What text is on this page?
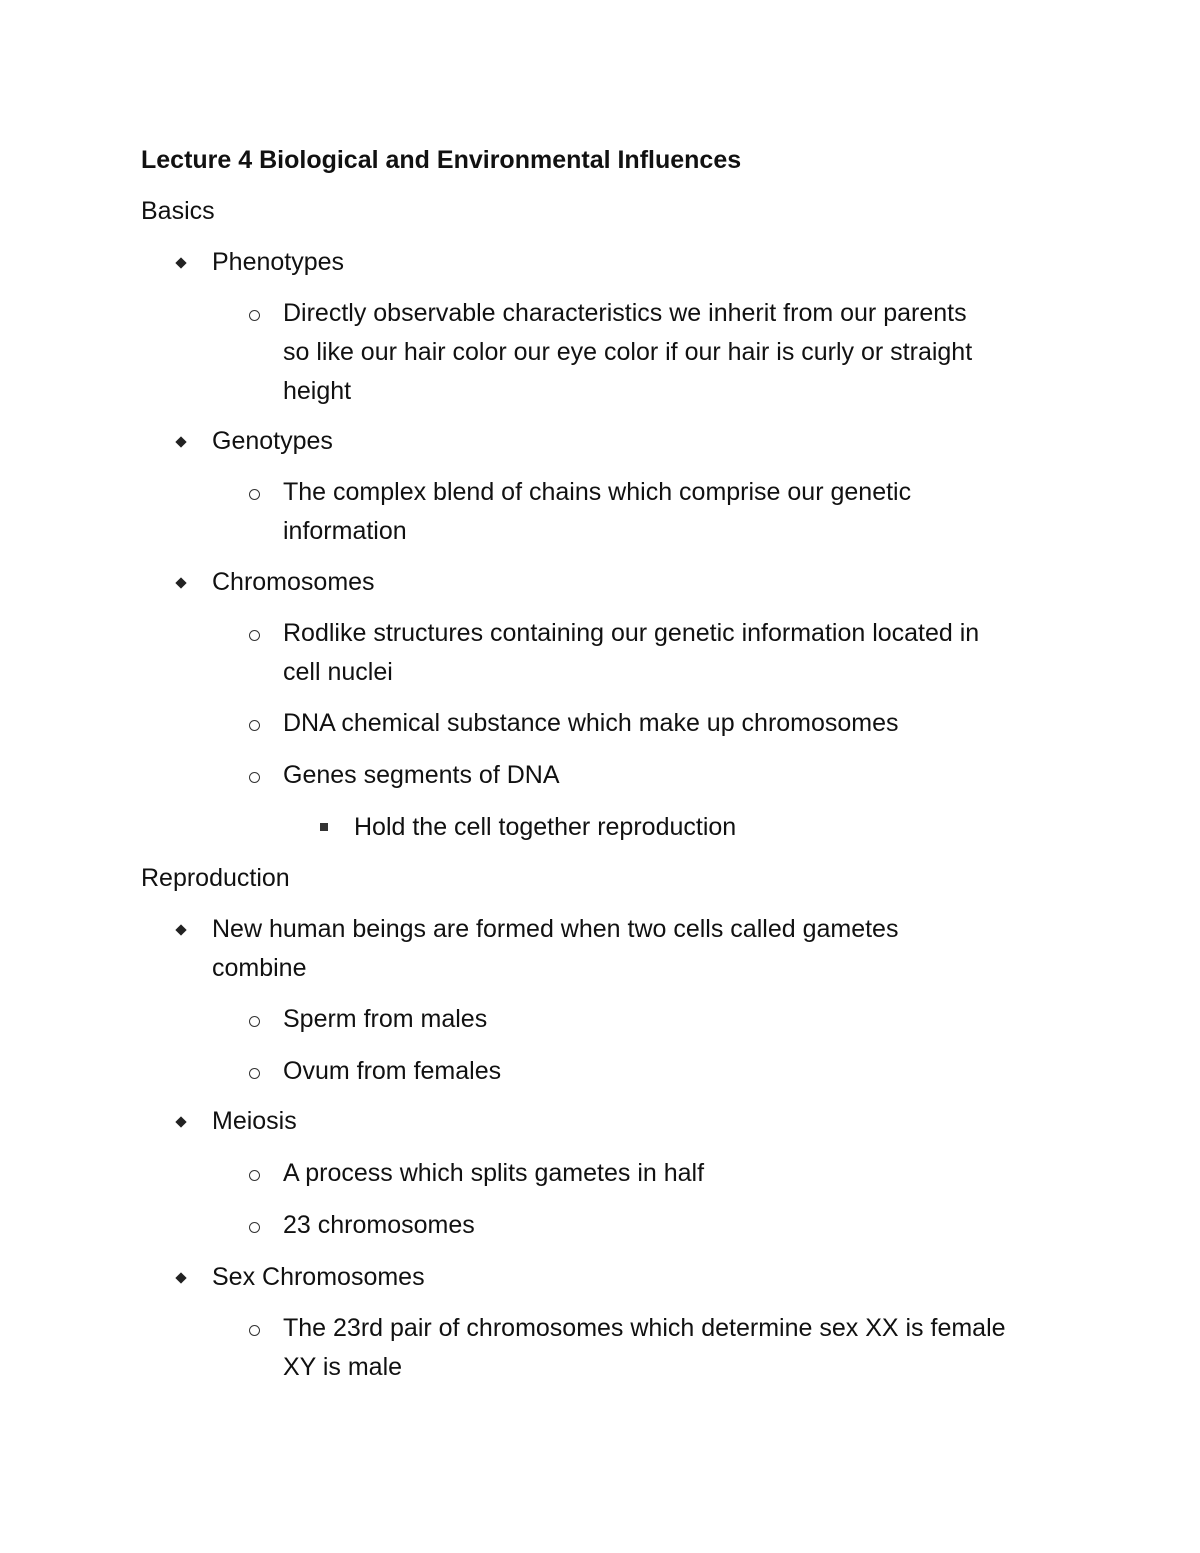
Lecture 4 Biological and Environmental Influences
Basics
Phenotypes
Directly observable characteristics we inherit from our parents
so like our hair color our eye color if our hair is curly or straight
height
Genotypes
The complex blend of chains which comprise our genetic
information
Chromosomes
Rodlike structures containing our genetic information located in
cell nuclei
DNA chemical substance which make up chromosomes
Genes segments of DNA
Hold the cell together reproduction
Reproduction
New human beings are formed when two cells called gametes
combine
Sperm from males
Ovum from females
Meiosis
A process which splits gametes in half
23 chromosomes
Sex Chromosomes
The 23rd pair of chromosomes which determine sex XX is female
XY is male
